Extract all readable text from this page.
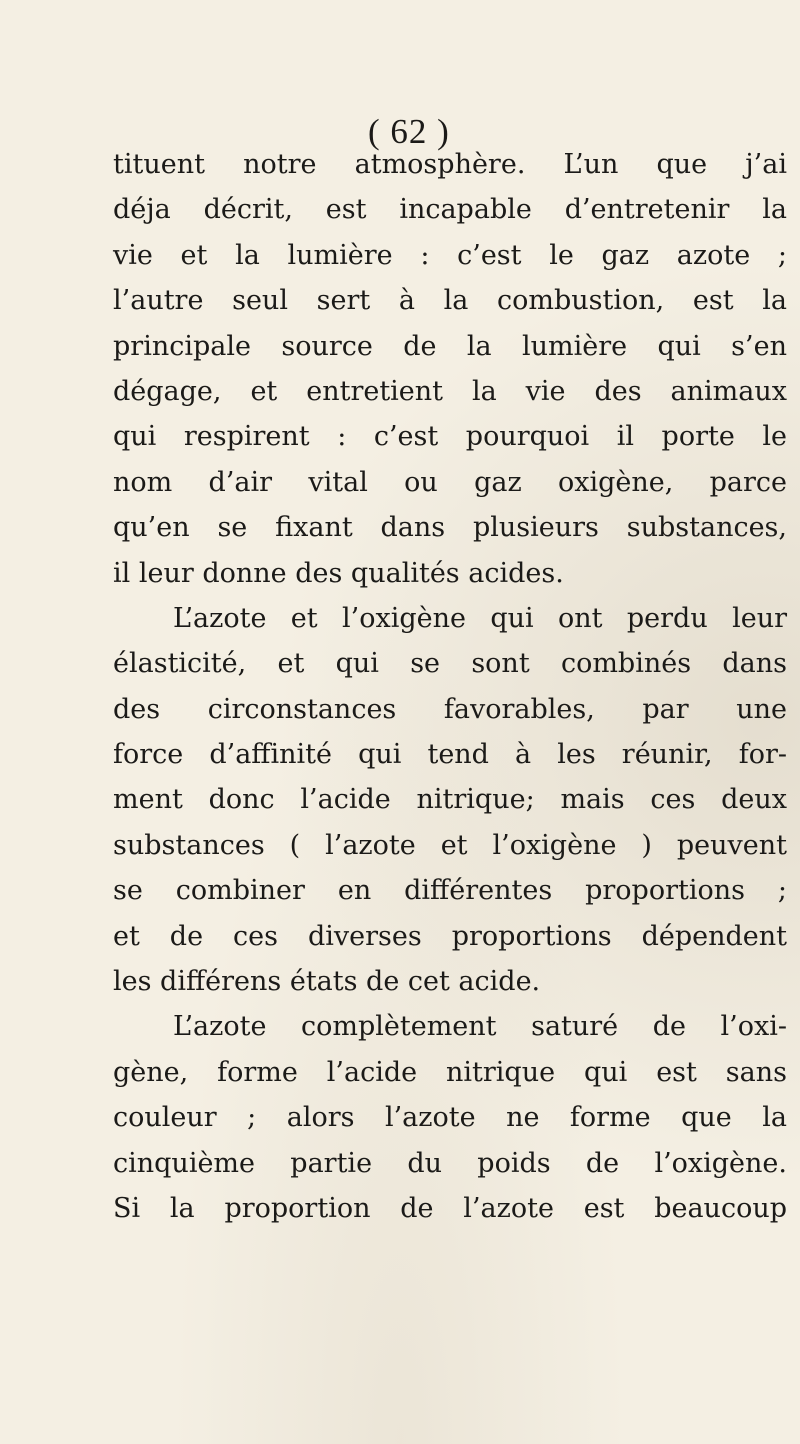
( 62 )
tituent notre atmosphère. L’un que j’ai
déja décrit, est incapable d’entretenir la
vie et la lumière : c’est le gaz azote ;
l’autre seul sert à la combustion, est la
principale source de la lumière qui s’en
dégage, et entretient la vie des animaux
qui respirent : c’est pourquoi il porte le
nom d’air vital ou gaz oxigène, parce
qu’en se fixant dans plusieurs substances,
il leur donne des qualités acides.
L’azote et l’oxigène qui ont perdu leur
élasticité, et qui se sont combinés dans
des circonstances favorables, par une
force d’affinité qui tend à les réunir, for-
ment donc l’acide nitrique; mais ces deux
substances ( l’azote et l’oxigène ) peuvent
se combiner en différentes proportions ;
et de ces diverses proportions dépendent
les différens états de cet acide.
L’azote complètement saturé de l’oxi-
gène, forme l’acide nitrique qui est sans
couleur ; alors l’azote ne forme que la
cinquième partie du poids de l’oxigène.
Si la proportion de l’azote est beaucoup
